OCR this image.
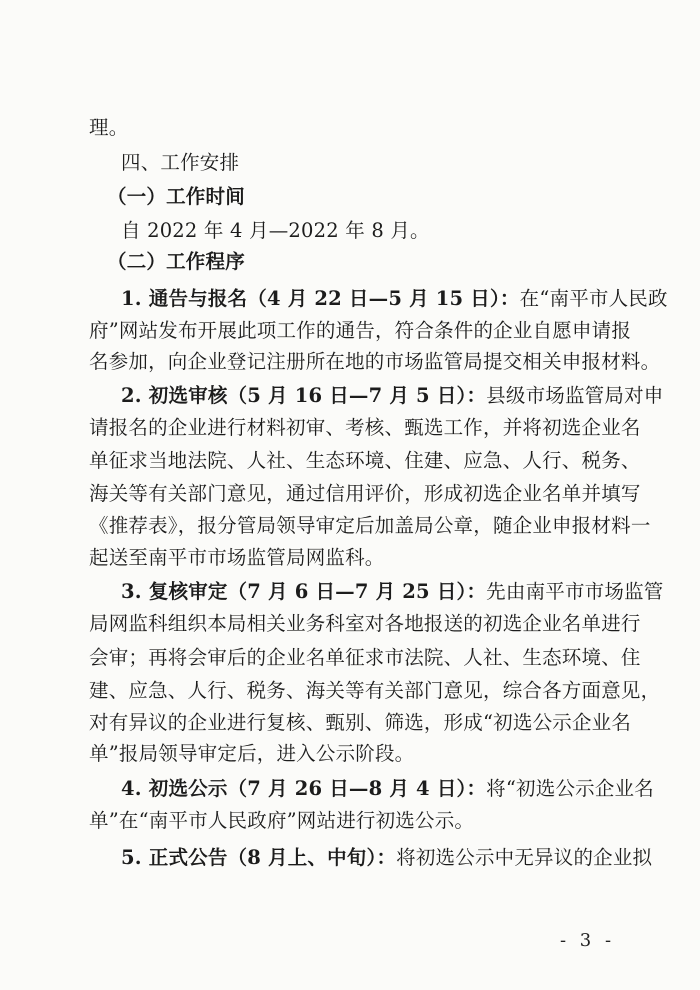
理。
四、工作安排
（一）工作时间
自 2022 年 4 月—2022 年 8 月。
（二）工作程序
1. 通告与报名（4 月 22 日—5 月 15 日）：在“南平市人民政
府”网站发布开展此项工作的通告，符合条件的企业自愿申请报
名参加，向企业登记注册所在地的市场监管局提交相关申报材料。
2. 初选审核（5 月 16 日—7 月 5 日）：县级市场监管局对申
请报名的企业进行材料初审、考核、甄选工作，并将初选企业名
单征求当地法院、人社、生态环境、住建、应急、人行、税务、
海关等有关部门意见，通过信用评价，形成初选企业名单并填写
《推荐表》，报分管局领导审定后加盖局公章，随企业申报材料一
起送至南平市市场监管局网监科。
3. 复核审定（7 月 6 日—7 月 25 日）：先由南平市市场监管
局网监科组织本局相关业务科室对各地报送的初选企业名单进行
会审；再将会审后的企业名单征求市法院、人社、生态环境、住
建、应急、人行、税务、海关等有关部门意见，综合各方面意见，
对有异议的企业进行复核、甄别、筛选，形成“初选公示企业名
单”报局领导审定后，进入公示阶段。
4. 初选公示（7 月 26 日—8 月 4 日）：将“初选公示企业名
单”在“南平市人民政府”网站进行初选公示。
5. 正式公告（8 月上、中旬）：将初选公示中无异议的企业拟
- 3 -
